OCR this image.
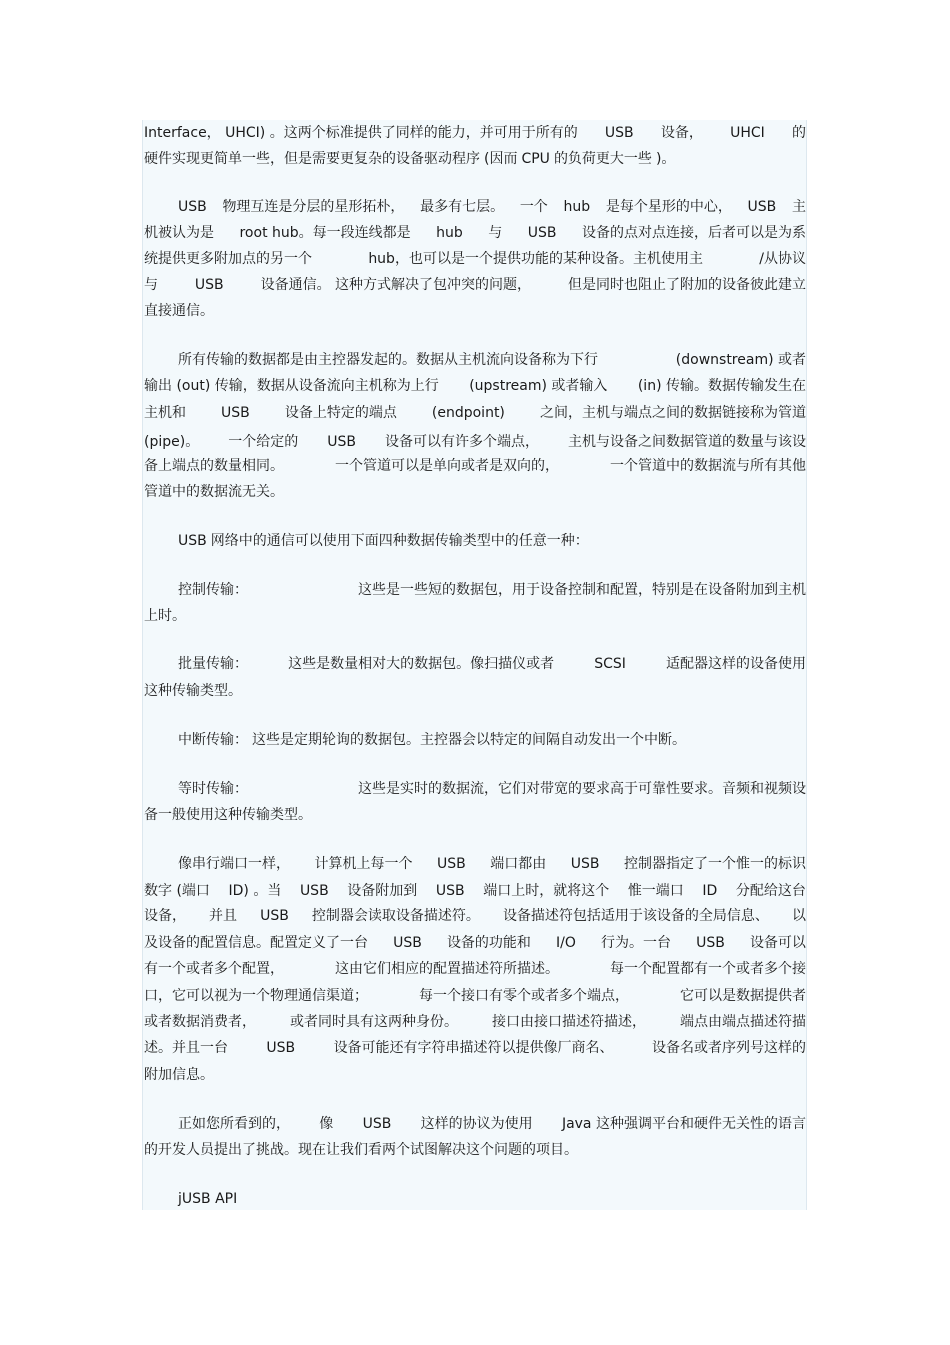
Interface， UHCI) 。这两个标准提供了同样的能力，并可用于所有的 USB 设备， UHCI 的
硬件实现更简单一些，但是需要更复杂的设备驱动程序 (因而 CPU 的负荷更大一些 )。
USB 物理互连是分层的星形拓朴， 最多有七层。 一个 hub 是每个星形的中心， USB 主
机被认为是 root hub。每一段连线都是 hub 与 USB 设备的点对点连接，后者可以是为系
统提供更多附加点的另一个	hub，也可以是一个提供功能的某种设备。主机使用主	/从协议
与	USB	设备通信。 这种方式解决了包冲突的问题，	但是同时也阻止了附加的设备彼此建立
直接通信。
所有传输的数据都是由主控器发起的。数据从主机流向设备称为下行	(downstream) 或者
输出 (out) 传输，数据从设备流向主机称为上行 (upstream) 或者输入 (in) 传输。数据传输发生在
主机和	USB	设备上特定的端点	(endpoint)	之间，主机与端点之间的数据链接称为管道
(pipe)。 一个给定的 USB 设备可以有许多个端点， 主机与设备之间数据管道的数量与该设
备上端点的数量相同。	一个管道可以是单向或者是双向的，	一个管道中的数据流与所有其他
管道中的数据流无关。
USB 网络中的通信可以使用下面四种数据传输类型中的任意一种：
控制传输：	这些是一些短的数据包，用于设备控制和配置，特别是在设备附加到主机
上时。
批量传输：	这些是数量相对大的数据包。像扫描仪或者	SCSI	适配器这样的设备使用
这种传输类型。
中断传输： 这些是定期轮询的数据包。主控器会以特定的间隔自动发出一个中断。
等时传输：	这些是实时的数据流，它们对带宽的要求高于可靠性要求。音频和视频设
备一般使用这种传输类型。
像串行端口一样， 计算机上每一个 USB 端口都由 USB 控制器指定了一个惟一的标识
数字 (端口 ID) 。当 USB 设备附加到 USB 端口上时，就将这个 惟一端口 ID 分配给这台
设备， 并且 USB 控制器会读取设备描述符。 设备描述符包括适用于该设备的全局信息、 以
及设备的配置信息。配置定义了一台 USB 设备的功能和 I/O 行为。一台 USB 设备可以
有一个或者多个配置，	这由它们相应的配置描述符所描述。	每一个配置都有一个或者多个接
口，它可以视为一个物理通信渠道；	每一个接口有零个或者多个端点，	它可以是数据提供者
或者数据消费者， 或者同时具有这两种身份。 接口由接口描述符描述， 端点由端点描述符描
述。并且一台	USB	设备可能还有字符串描述符以提供像厂商名、	设备名或者序列号这样的
附加信息。
正如您所看到的， 像 USB 这样的协议为使用 Java 这种强调平台和硬件无关性的语言
的开发人员提出了挑战。现在让我们看两个试图解决这个问题的项目。
jUSB API
